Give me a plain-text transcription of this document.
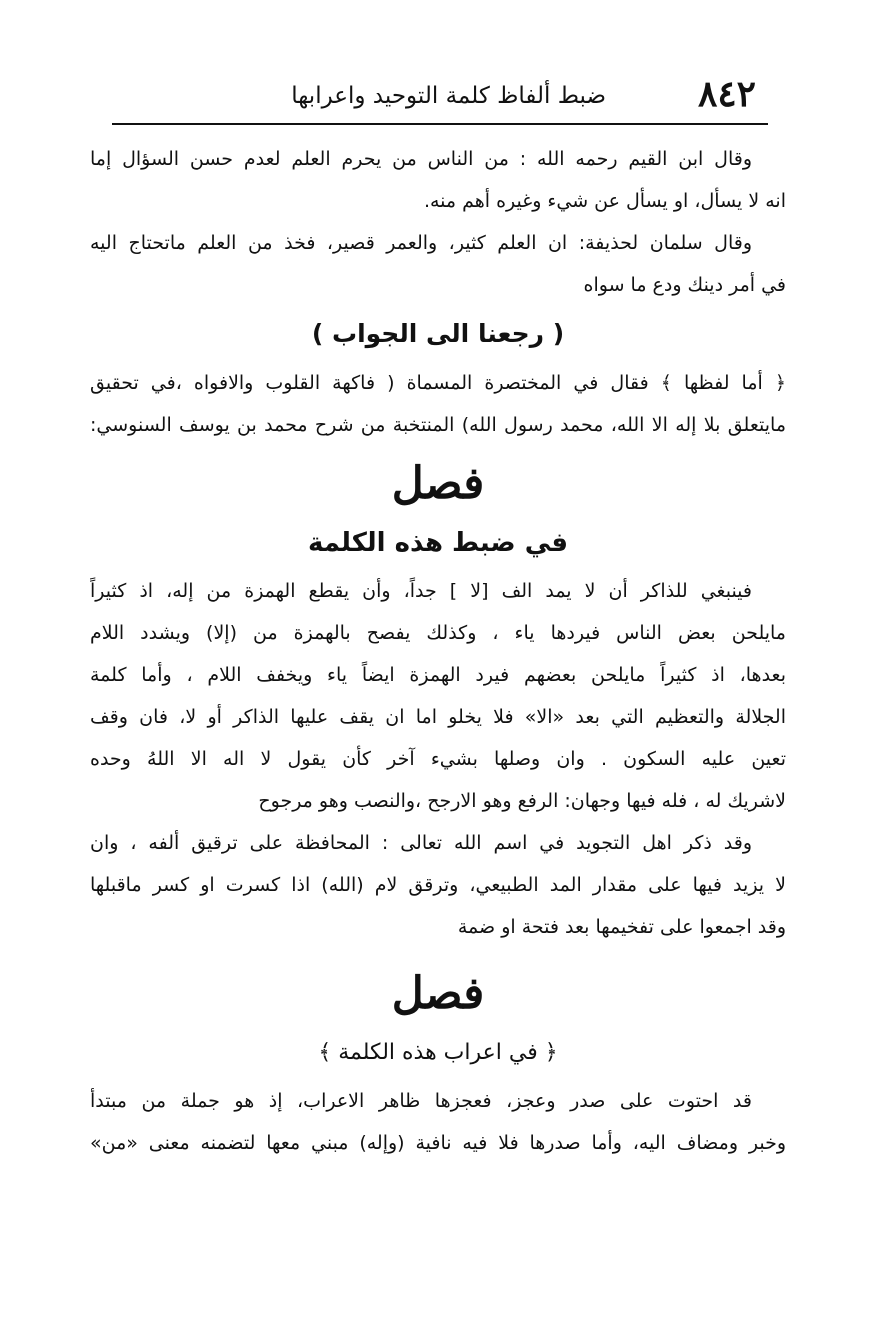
٨٤٢
ضبط ألفاظ كلمة التوحيد واعرابها
وقال ابن القيم رحمه الله : من الناس من يحرم العلم لعدم حسن السؤال إما
انه لا يسأل، او يسأل عن شيء وغيره أهم منه.
وقال سلمان لحذيفة: ان العلم كثير، والعمر قصير، فخذ من العلم ماتحتاج اليه
في أمر دينك ودع ما سواه
( رجعنا الى الجواب )
﴿ أما لفظها ﴾ فقال في المختصرة المسماة ( فاكهة القلوب والافواه ،في تحقيق
مايتعلق بلا إله الا الله، محمد رسول الله) المنتخبة من شرح محمد بن يوسف السنوسي:
فصل
في ضبط هذه الكلمة
فينبغي للذاكر أن لا يمد الف [لا ] جداً، وأن يقطع الهمزة من إله، اذ كثيراً
مايلحن بعض الناس فيردها ياء ، وكذلك يفصح بالهمزة من (إلا) ويشدد اللام
بعدها، اذ كثيراً مايلحن بعضهم فيرد الهمزة ايضاً ياء ويخفف اللام ، وأما كلمة
الجلالة والتعظيم التي بعد «الا» فلا يخلو اما ان يقف عليها الذاكر أو لا، فان وقف
تعين عليه السكون . وان وصلها بشيء آخر كأن يقول لا اله الا اللهُ وحده
لاشريك له ، فله فيها وجهان: الرفع وهو الارجح ،والنصب وهو مرجوح
وقد ذكر اهل التجويد في اسم الله تعالى : المحافظة على ترقيق ألفه ، وان
لا يزيد فيها على مقدار المد الطبيعي، وترقق لام (الله) اذا كسرت او كسر ماقبلها
وقد اجمعوا على تفخيمها بعد فتحة او ضمة
فصل
﴿ في اعراب هذه الكلمة ﴾
قد احتوت على صدر وعجز، فعجزها ظاهر الاعراب، إذ هو جملة من مبتدأ
وخبر ومضاف اليه، وأما صدرها فلا فيه نافية (وإله) مبني معها لتضمنه معنى «من»
